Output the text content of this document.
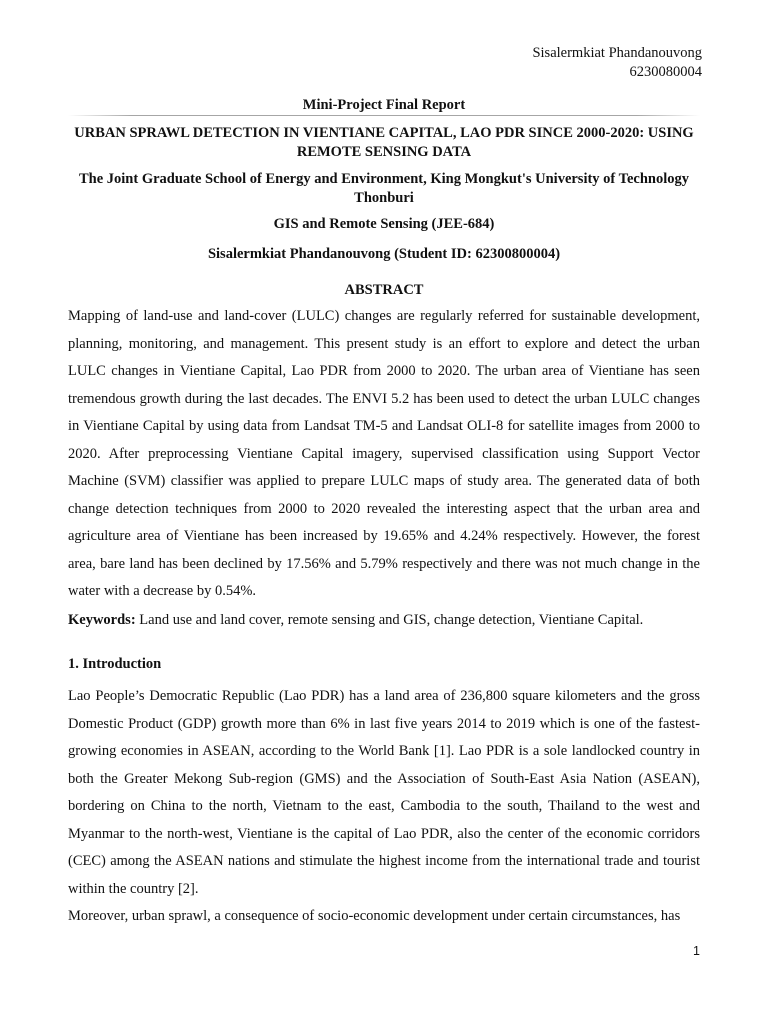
Sisalermkiat Phandanouvong
6230080004
Mini-Project Final Report
URBAN SPRAWL DETECTION IN VIENTIANE CAPITAL, LAO PDR SINCE 2000-2020: USING REMOTE SENSING DATA
The Joint Graduate School of Energy and Environment, King Mongkut's University of Technology Thonburi
GIS and Remote Sensing (JEE-684)
Sisalermkiat Phandanouvong (Student ID: 62300800004)
ABSTRACT

Mapping of land-use and land-cover (LULC) changes are regularly referred for sustainable development, planning, monitoring, and management. This present study is an effort to explore and detect the urban LULC changes in Vientiane Capital, Lao PDR from 2000 to 2020. The urban area of Vientiane has seen tremendous growth during the last decades. The ENVI 5.2 has been used to detect the urban LULC changes in Vientiane Capital by using data from Landsat TM-5 and Landsat OLI-8 for satellite images from 2000 to 2020. After preprocessing Vientiane Capital imagery, supervised classification using Support Vector Machine (SVM) classifier was applied to prepare LULC maps of study area. The generated data of both change detection techniques from 2000 to 2020 revealed the interesting aspect that the urban area and agriculture area of Vientiane has been increased by 19.65% and 4.24% respectively. However, the forest area, bare land has been declined by 17.56% and 5.79% respectively and there was not much change in the water with a decrease by 0.54%.

Keywords: Land use and land cover, remote sensing and GIS, change detection, Vientiane Capital.

1. Introduction

Lao People’s Democratic Republic (Lao PDR) has a land area of 236,800 square kilometers and the gross Domestic Product (GDP) growth more than 6% in last five years 2014 to 2019 which is one of the fastest-growing economies in ASEAN, according to the World Bank [1]. Lao PDR is a sole landlocked country in both the Greater Mekong Sub-region (GMS) and the Association of South-East Asia Nation (ASEAN), bordering on China to the north, Vietnam to the east, Cambodia to the south, Thailand to the west and Myanmar to the north-west, Vientiane is the capital of Lao PDR, also the center of the economic corridors (CEC) among the ASEAN nations and stimulate the highest income from the international trade and tourist within the country [2].

Moreover, urban sprawl, a consequence of socio-economic development under certain circumstances, has

1
